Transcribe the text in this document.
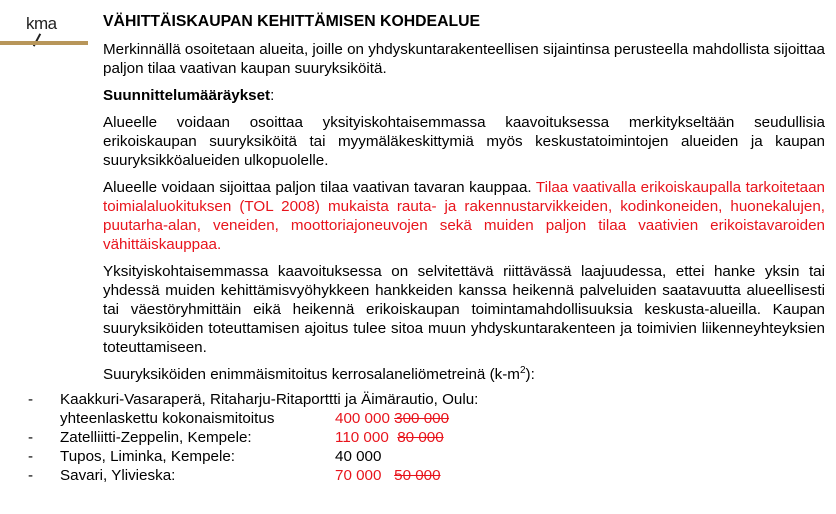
kma	VÄHITTÄISKAUPAN KEHITTÄMISEN KOHDEALUE

Merkinnällä osoitetaan alueita, joille on yhdyskuntarakenteellisen sijaintinsa perusteella mahdollista sijoittaa paljon tilaa vaativan kaupan suuryksiköitä.

Suunnittelumääräykset:

Alueelle voidaan osoittaa yksityiskohtaisemmassa kaavoituksessa merkitykseltään seudullisia erikoiskaupan suuryksiköitä tai myymäläkeskittymiä myös keskustatoimintojen alueiden ja kaupan suuryksikköalueiden ulkopuolelle.

Alueelle voidaan sijoittaa paljon tilaa vaativan tavaran kauppaa. Tilaa vaativalla erikoiskaupalla tarkoitetaan toimialaluokituksen (TOL 2008) mukaista rauta- ja rakennustarvikkeiden, kodinkoneiden, huonekalujen, puutarha-alan, veneiden, moottoriajoneuvojen sekä muiden paljon tilaa vaativien erikoistavaroiden vähittäiskauppaa.

Yksityiskohtaisemmassa kaavoituksessa on selvitettävä riittävässä laajuudessa, ettei hanke yksin tai yhdessä muiden kehittämisvyöhykkeen hankkeiden kanssa heikennä palveluiden saatavuutta alueellisesti tai väestöryhmittäin eikä heikennä erikoiskaupan toimintamahdollisuuksia keskusta-alueilla. Kaupan suuryksiköiden toteuttamisen ajoitus tulee sitoa muun yhdyskuntarakenteen ja toimivien liikenneyhteyksien toteuttamiseen.

Suuryksiköiden enimmäismitoitus kerrosalaneliömetreinä $(k-m^2)$:

- Kaakkuri-Vasaraperä, Ritaharju-Ritaporttti ja Äimärautio, Oulu:
yhteenlaskettu kokonaismitoitus	400 000 300 000
- Zatelliitti-Zeppelin, Kempele:	110 000 80 000
- Tupos, Liminka, Kempele:	40 000
- Savari, Ylivieska:	70 000 50 000
